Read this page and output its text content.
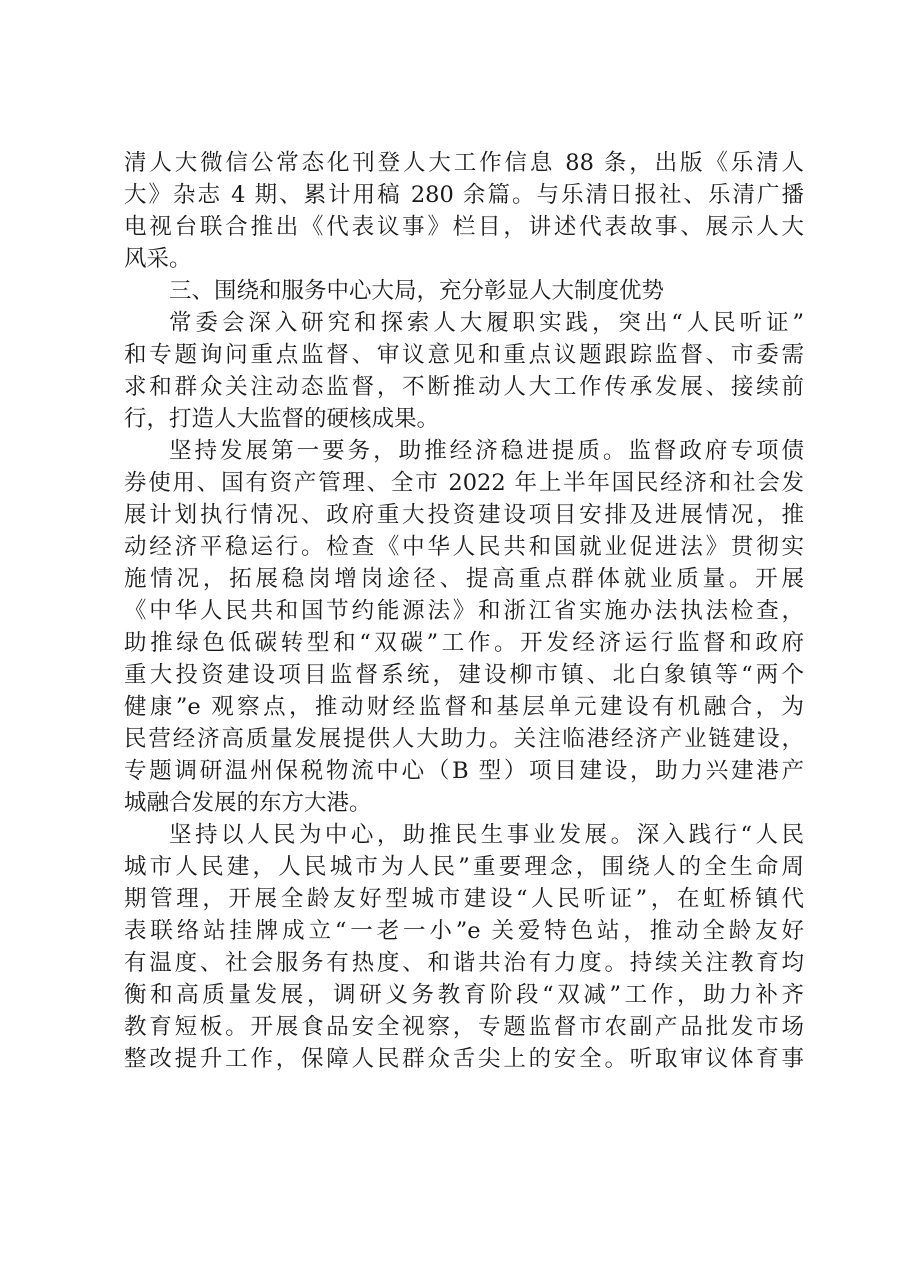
清人大微信公常态化刊登人大工作信息 88 条，出版《乐清人
大》杂志 4 期、累计用稿 280 余篇。与乐清日报社、乐清广播
电视台联合推出《代表议事》栏目，讲述代表故事、展示人大
风采。
三、围绕和服务中心大局，充分彰显人大制度优势
常委会深入研究和探索人大履职实践，突出“人民听证”
和专题询问重点监督、审议意见和重点议题跟踪监督、市委需
求和群众关注动态监督，不断推动人大工作传承发展、接续前
行，打造人大监督的硬核成果。
坚持发展第一要务，助推经济稳进提质。监督政府专项债
券使用、国有资产管理、全市 2022 年上半年国民经济和社会发
展计划执行情况、政府重大投资建设项目安排及进展情况，推
动经济平稳运行。检查《中华人民共和国就业促进法》贯彻实
施情况，拓展稳岗增岗途径、提高重点群体就业质量。开展
《中华人民共和国节约能源法》和浙江省实施办法执法检查，
助推绿色低碳转型和“双碳”工作。开发经济运行监督和政府
重大投资建设项目监督系统，建设柳市镇、北白象镇等“两个
健康”e 观察点，推动财经监督和基层单元建设有机融合，为
民营经济高质量发展提供人大助力。关注临港经济产业链建设，
专题调研温州保税物流中心（B 型）项目建设，助力兴建港产
城融合发展的东方大港。
坚持以人民为中心，助推民生事业发展。深入践行“人民
城市人民建，人民城市为人民”重要理念，围绕人的全生命周
期管理，开展全龄友好型城市建设“人民听证”，在虹桥镇代
表联络站挂牌成立“一老一小”e 关爱特色站，推动全龄友好
有温度、社会服务有热度、和谐共治有力度。持续关注教育均
衡和高质量发展，调研义务教育阶段“双减”工作，助力补齐
教育短板。开展食品安全视察，专题监督市农副产品批发市场
整改提升工作，保障人民群众舌尖上的安全。听取审议体育事
